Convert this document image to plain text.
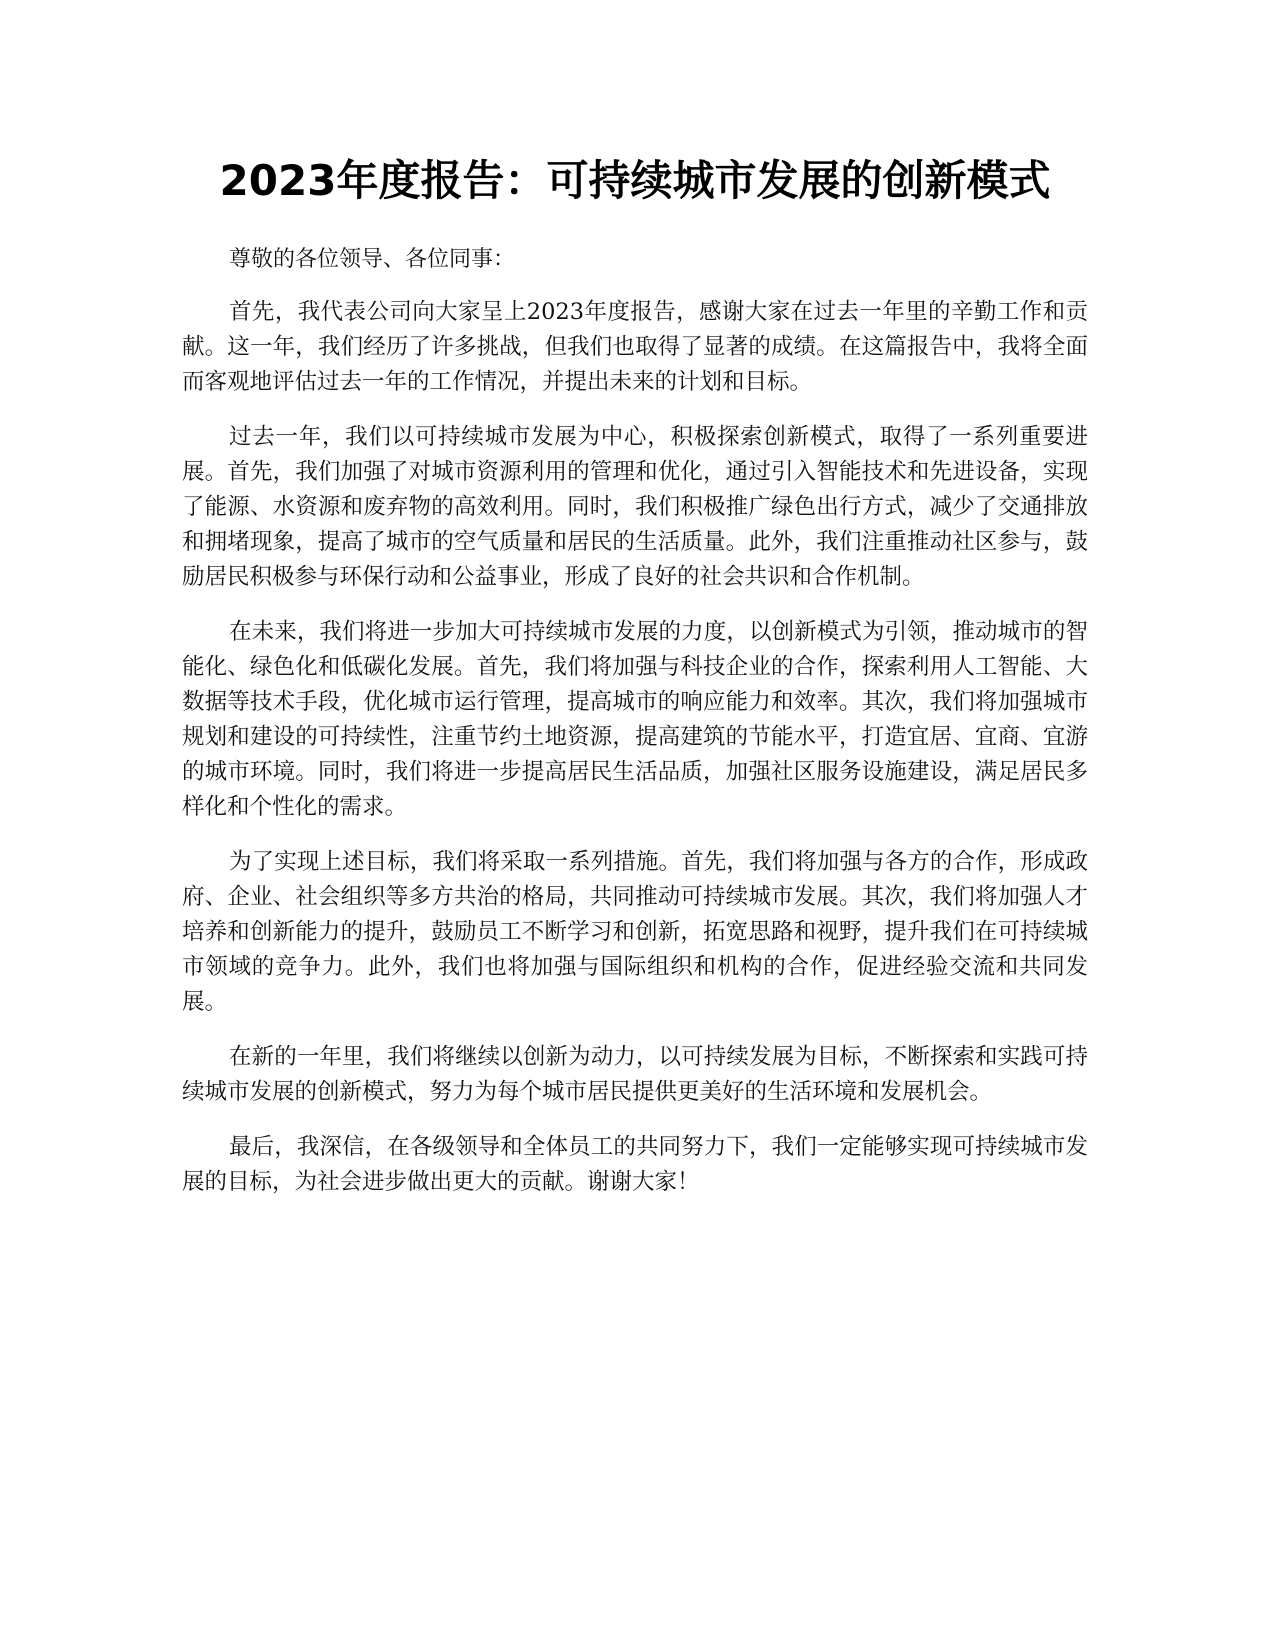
2023年度报告：可持续城市发展的创新模式

尊敬的各位领导、各位同事：

首先，我代表公司向大家呈上2023年度报告，感谢大家在过去一年里的辛勤工作和贡献。这一年，我们经历了许多挑战，但我们也取得了显著的成绩。在这篇报告中，我将全面而客观地评估过去一年的工作情况，并提出未来的计划和目标。

过去一年，我们以可持续城市发展为中心，积极探索创新模式，取得了一系列重要进展。首先，我们加强了对城市资源利用的管理和优化，通过引入智能技术和先进设备，实现了能源、水资源和废弃物的高效利用。同时，我们积极推广绿色出行方式，减少了交通排放和拥堵现象，提高了城市的空气质量和居民的生活质量。此外，我们注重推动社区参与，鼓励居民积极参与环保行动和公益事业，形成了良好的社会共识和合作机制。

在未来，我们将进一步加大可持续城市发展的力度，以创新模式为引领，推动城市的智能化、绿色化和低碳化发展。首先，我们将加强与科技企业的合作，探索利用人工智能、大数据等技术手段，优化城市运行管理，提高城市的响应能力和效率。其次，我们将加强城市规划和建设的可持续性，注重节约土地资源，提高建筑的节能水平，打造宜居、宜商、宜游的城市环境。同时，我们将进一步提高居民生活品质，加强社区服务设施建设，满足居民多样化和个性化的需求。

为了实现上述目标，我们将采取一系列措施。首先，我们将加强与各方的合作，形成政府、企业、社会组织等多方共治的格局，共同推动可持续城市发展。其次，我们将加强人才培养和创新能力的提升，鼓励员工不断学习和创新，拓宽思路和视野，提升我们在可持续城市领域的竞争力。此外，我们也将加强与国际组织和机构的合作，促进经验交流和共同发展。

在新的一年里，我们将继续以创新为动力，以可持续发展为目标，不断探索和实践可持续城市发展的创新模式，努力为每个城市居民提供更美好的生活环境和发展机会。

最后，我深信，在各级领导和全体员工的共同努力下，我们一定能够实现可持续城市发展的目标，为社会进步做出更大的贡献。谢谢大家！
